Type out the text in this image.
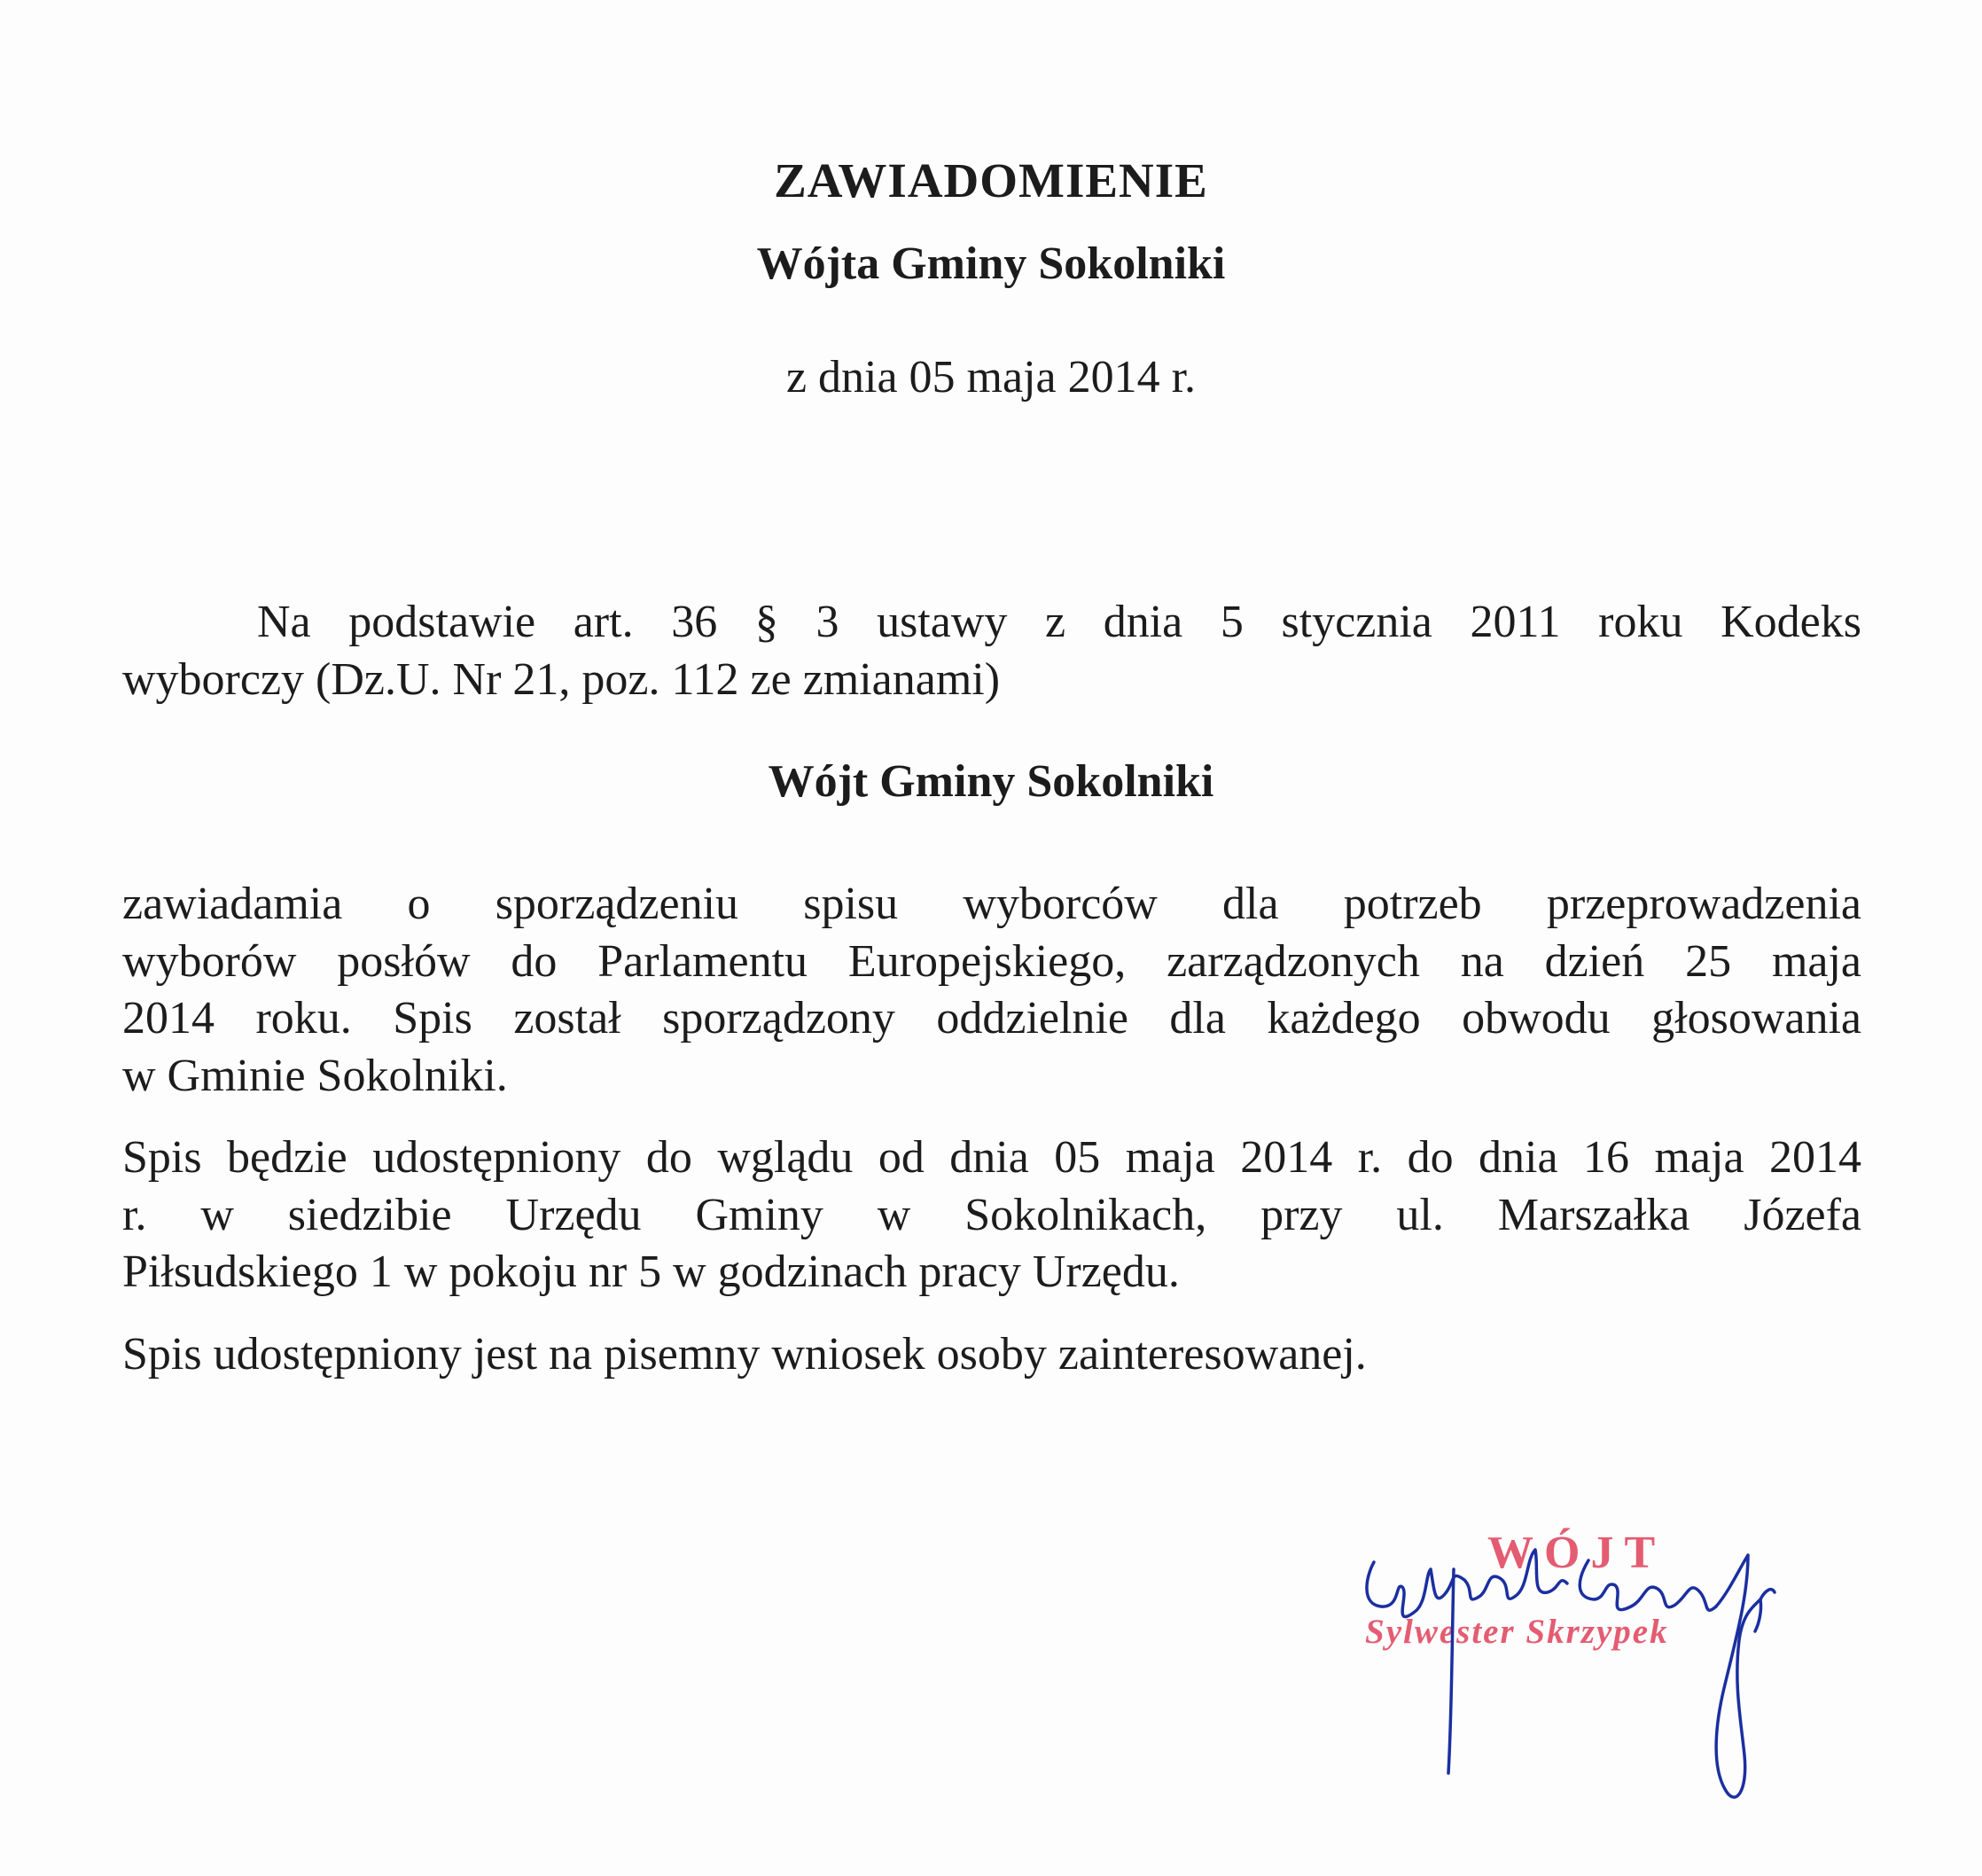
ZAWIADOMIENIE
Wójta Gminy Sokolniki
z dnia 05 maja 2014 r.
Na podstawie art. 36 § 3 ustawy z dnia 5 stycznia 2011 roku Kodeks
wyborczy (Dz.U. Nr 21, poz. 112 ze zmianami)
Wójt Gminy Sokolniki
zawiadamia o sporządzeniu spisu wyborców dla potrzeb przeprowadzenia
wyborów posłów do Parlamentu Europejskiego, zarządzonych na dzień 25 maja
2014 roku. Spis został sporządzony oddzielnie dla każdego obwodu głosowania
w Gminie Sokolniki.
Spis będzie udostępniony do wglądu od dnia 05 maja 2014 r. do dnia 16 maja 2014
r. w siedzibie Urzędu Gminy w Sokolnikach, przy ul. Marszałka Józefa
Piłsudskiego 1 w pokoju nr 5 w godzinach pracy Urzędu.
Spis udostępniony jest na pisemny wniosek osoby zainteresowanej.
WÓJT
Sylwester Skrzypek
